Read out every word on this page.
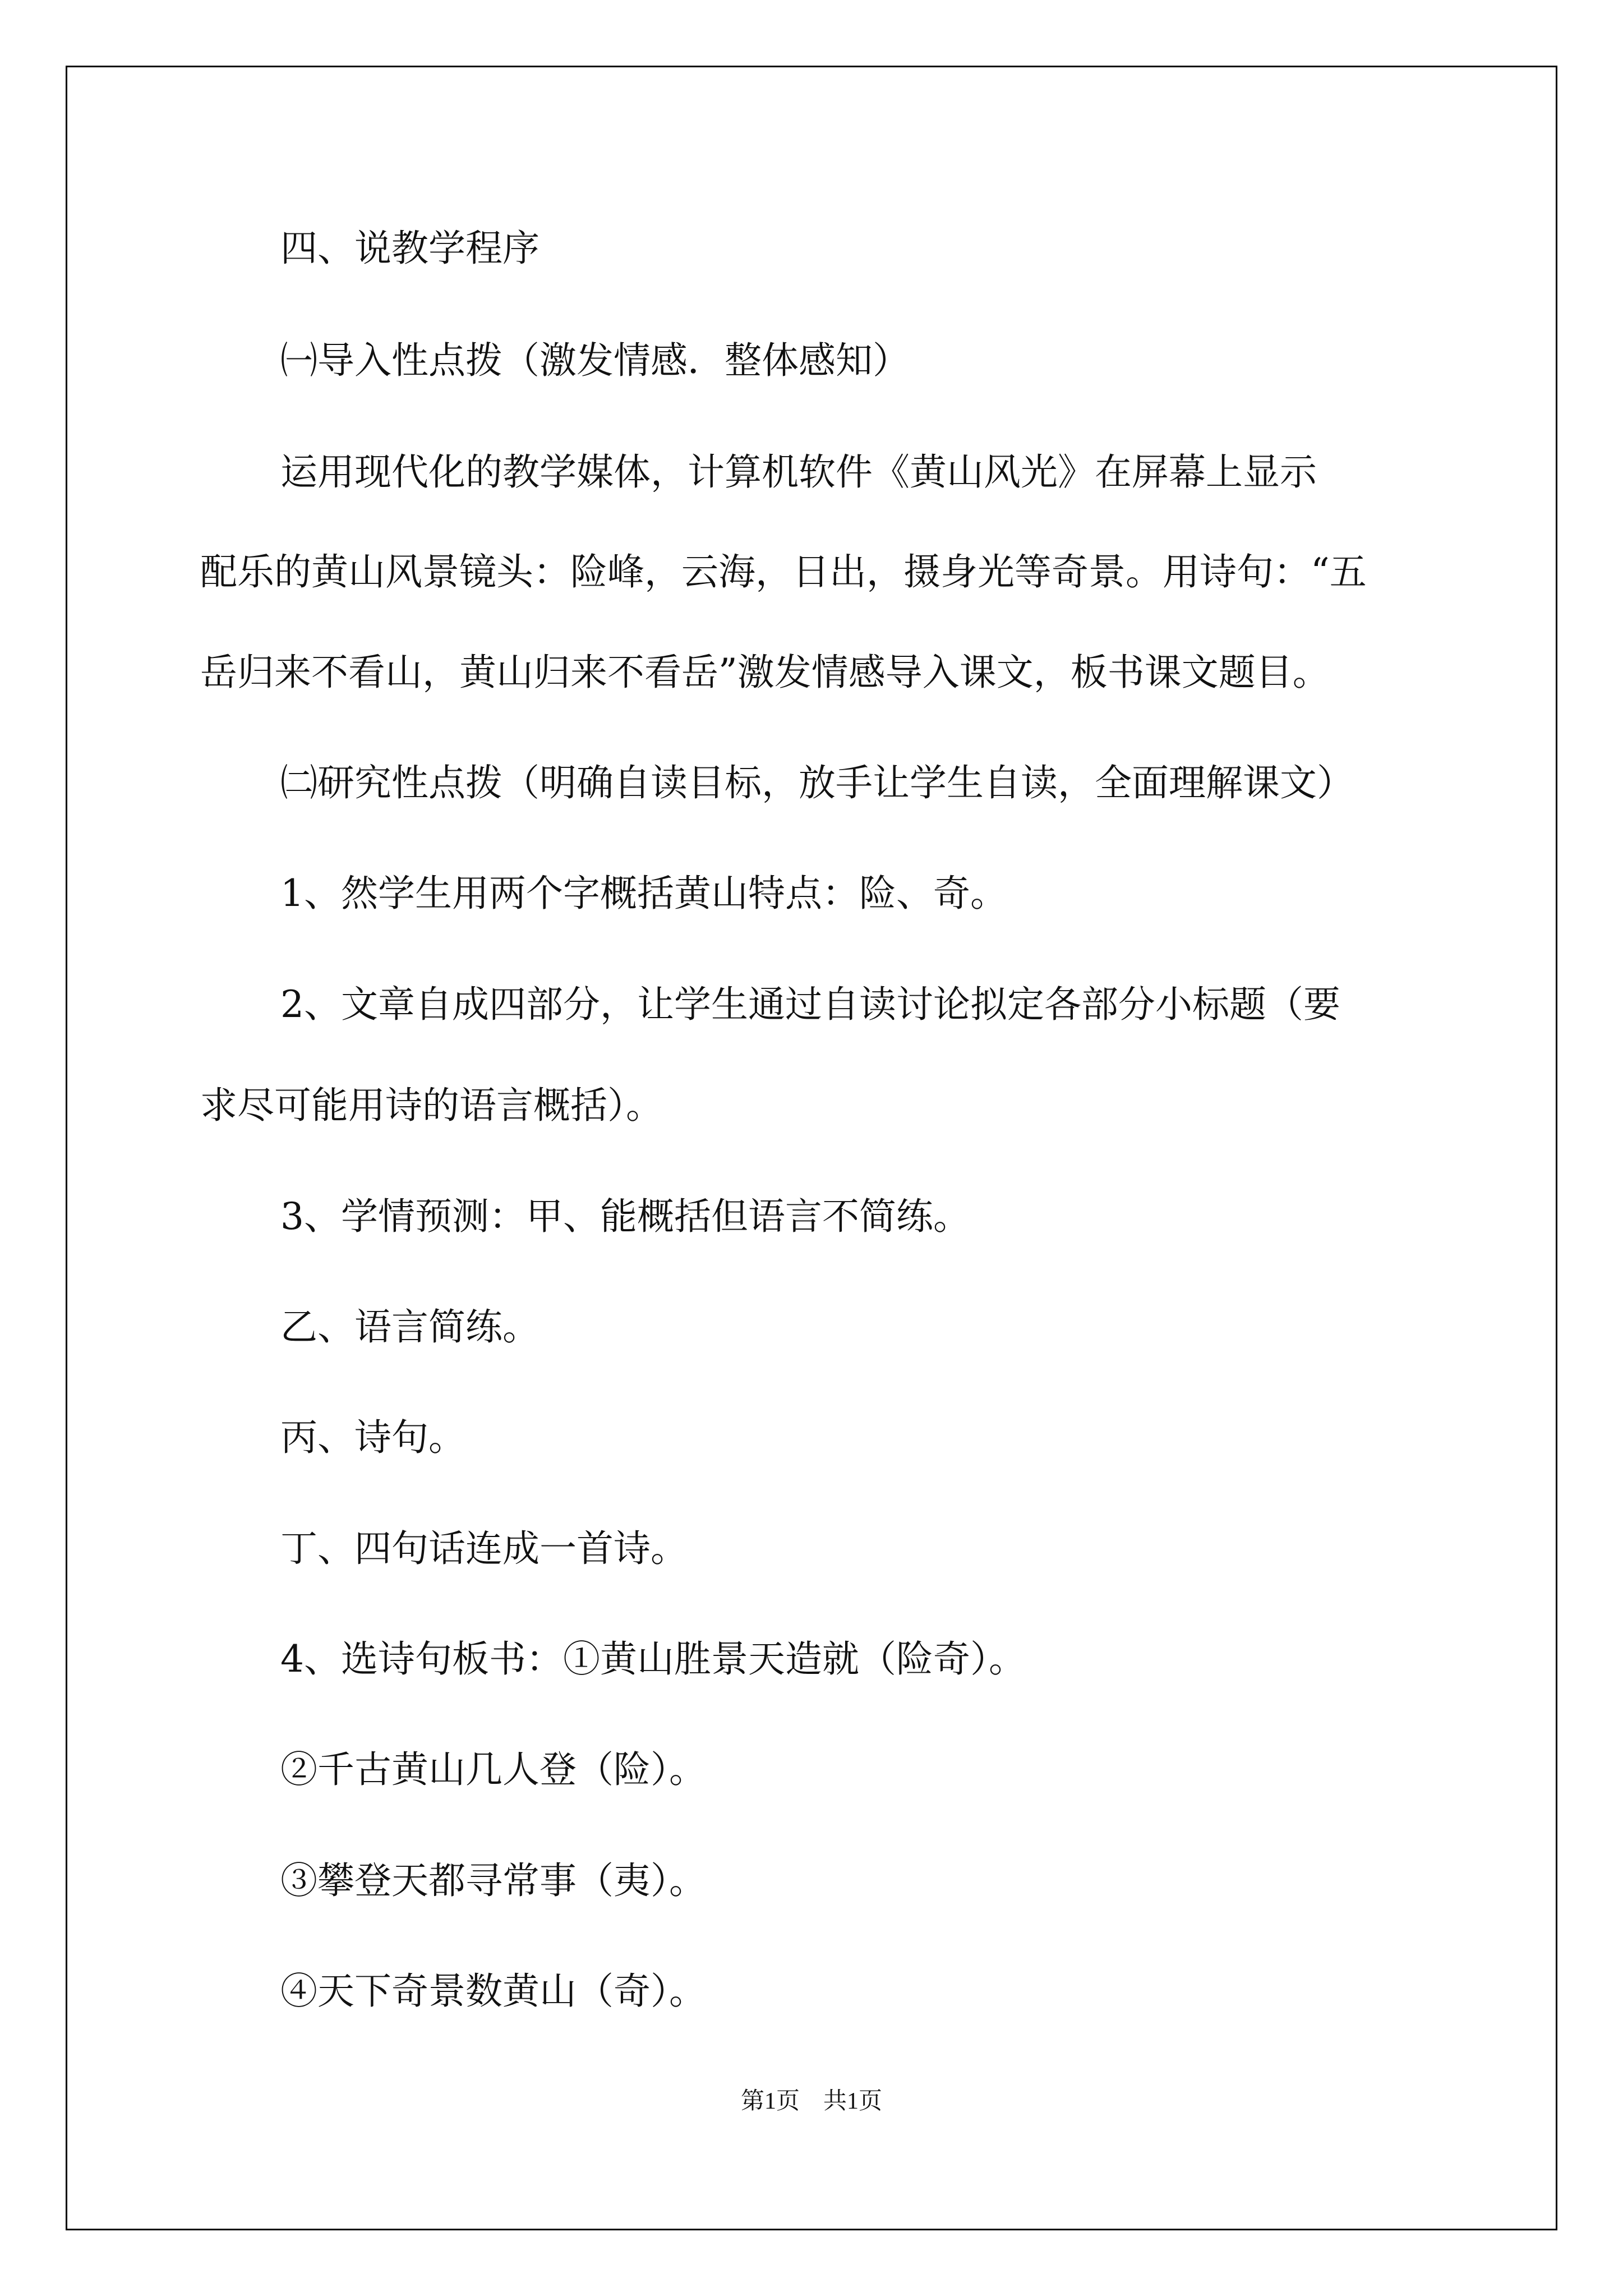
四、说教学程序

㈠导入性点拨（激发情感．整体感知）

运用现代化的教学媒体，计算机软件《黄山风光》在屏幕上显示

配乐的黄山风景镜头：险峰，云海，日出，摄身光等奇景。用诗句：“五

岳归来不看山，黄山归来不看岳”激发情感导入课文，板书课文题目。

㈡研究性点拨（明确自读目标，放手让学生自读，全面理解课文）

1、然学生用两个字概括黄山特点：险、奇。

2、文章自成四部分，让学生通过自读讨论拟定各部分小标题（要

求尽可能用诗的语言概括）。

3、学情预测：甲、能概括但语言不简练。

乙、语言简练。

丙、诗句。

丁、四句话连成一首诗。

4、选诗句板书：①黄山胜景天造就（险奇）。

②千古黄山几人登（险）。

③攀登天都寻常事（夷）。

④天下奇景数黄山（奇）。

第1页　共1页
